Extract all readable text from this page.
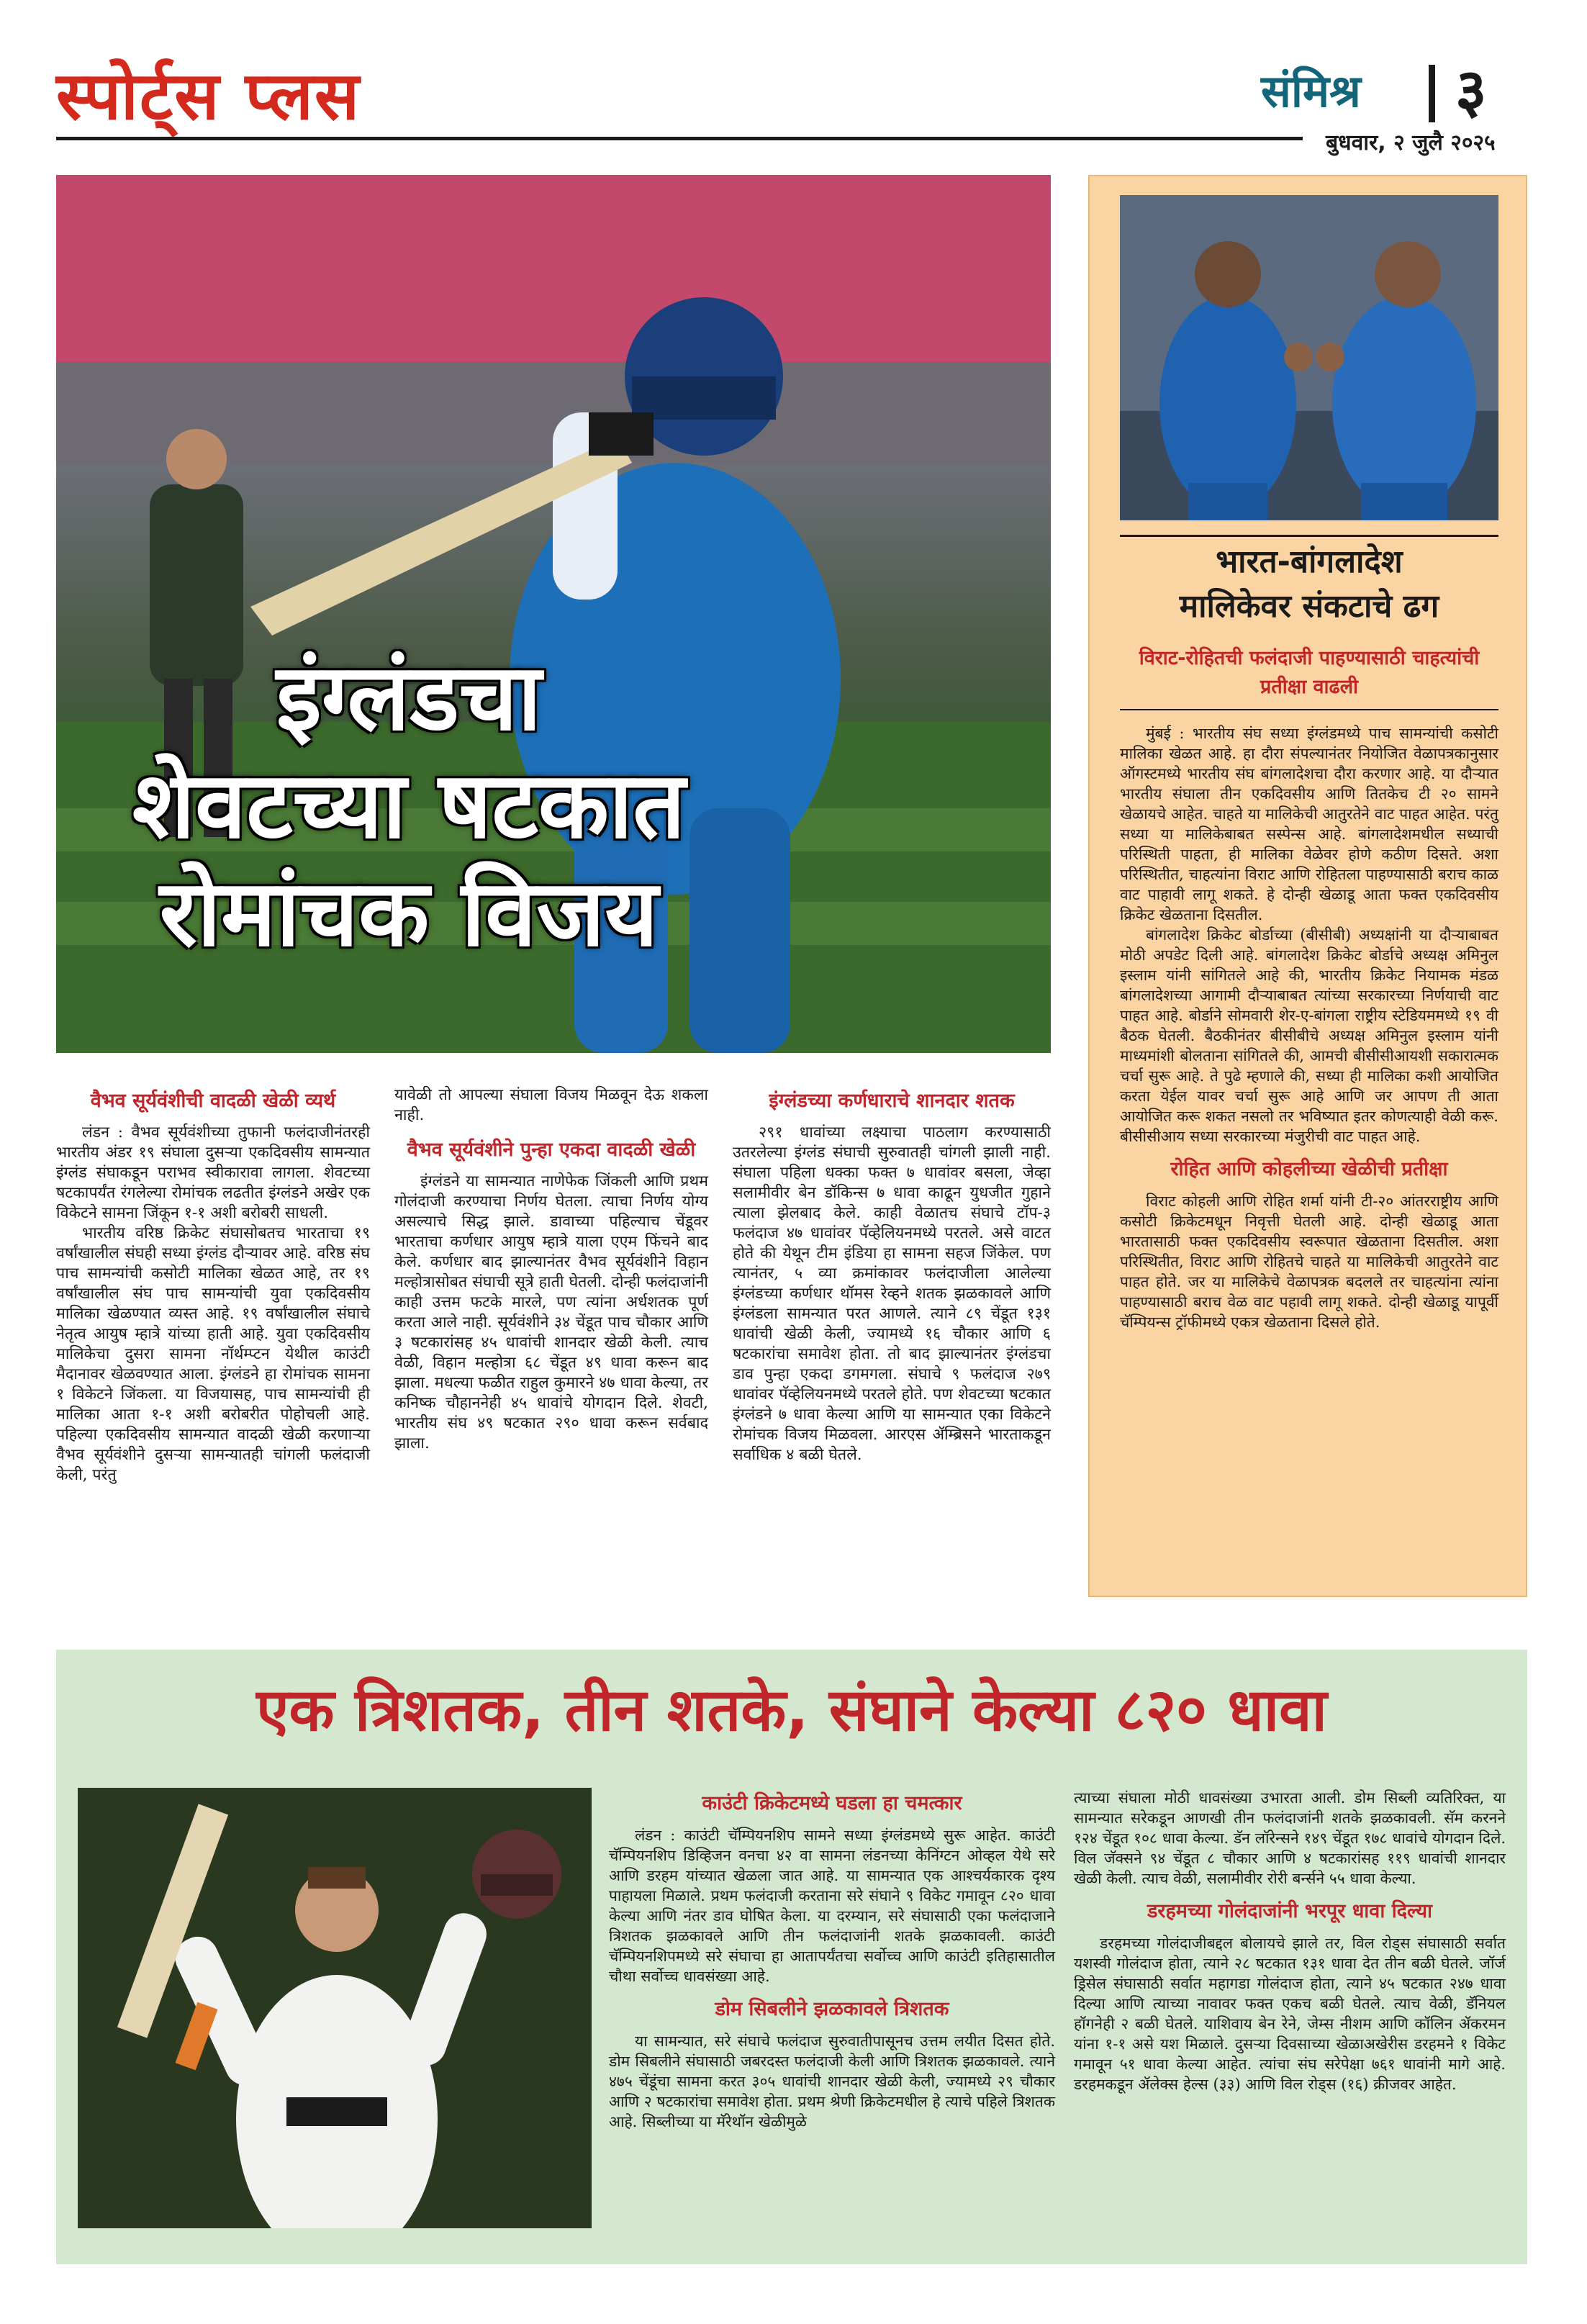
स्पोर्ट्स प्लस	संमिश्र ३
बुधवार, २ जुलै २०२५
इंग्लंडचा
शेवटच्या षटकात
रोमांचक विजय
वैभव सूर्यवंशीची वादळी खेळी व्यर्थ

लंडन : वैभव सूर्यवंशीच्या तुफानी फलंदाजीनंतरही भारतीय अंडर १९ संघाला दुसऱ्या एकदिवसीय सामन्यात इंग्लंड संघाकडून पराभव स्वीकारावा लागला. शेवटच्या षटकापर्यंत रंगलेल्या रोमांचक लढतीत इंग्लंडने अखेर एक विकेटने सामना जिंकून १-१ अशी बरोबरी साधली.

भारतीय वरिष्ठ क्रिकेट संघासोबतच भारताचा १९ वर्षांखालील संघही सध्या इंग्लंड दौऱ्यावर आहे. वरिष्ठ संघ पाच सामन्यांची कसोटी मालिका खेळत आहे, तर १९ वर्षांखालील संघ पाच सामन्यांची युवा एकदिवसीय मालिका खेळण्यात व्यस्त आहे. १९ वर्षांखालील संघाचे नेतृत्व आयुष म्हात्रे यांच्या हाती आहे. युवा एकदिवसीय मालिकेचा दुसरा सामना नॉर्थम्प्टन येथील काउंटी मैदानावर खेळवण्यात आला. इंग्लंडने हा रोमांचक सामना १ विकेटने जिंकला. या विजयासह, पाच सामन्यांची ही मालिका आता १-१ अशी बरोबरीत पोहोचली आहे. पहिल्या एकदिवसीय सामन्यात वादळी खेळी करणाऱ्या वैभव सूर्यवंशीने दुसऱ्या सामन्यातही चांगली फलंदाजी केली, परंतु

यावेळी तो आपल्या संघाला विजय मिळवून देऊ शकला नाही.

वैभव सूर्यवंशीने पुन्हा एकदा वादळी खेळी

इंग्लंडने या सामन्यात नाणेफेक जिंकली आणि प्रथम गोलंदाजी करण्याचा निर्णय घेतला. त्याचा निर्णय योग्य असल्याचे सिद्ध झाले. डावाच्या पहिल्याच चेंडूवर भारताचा कर्णधार आयुष म्हात्रे याला एएम फिंचने बाद केले. कर्णधार बाद झाल्यानंतर वैभव सूर्यवंशीने विहान मल्होत्रासोबत संघाची सूत्रे हाती घेतली. दोन्ही फलंदाजांनी काही उत्तम फटके मारले, पण त्यांना अर्धशतक पूर्ण करता आले नाही. सूर्यवंशीने ३४ चेंडूत पाच चौकार आणि ३ षटकारांसह ४५ धावांची शानदार खेळी केली. त्याच वेळी, विहान मल्होत्रा ६८ चेंडूत ४९ धावा करून बाद झाला. मधल्या फळीत राहुल कुमारने ४७ धावा केल्या, तर कनिष्क चौहाननेही ४५ धावांचे योगदान दिले. शेवटी, भारतीय संघ ४९ षटकात २९० धावा करून सर्वबाद झाला.

इंग्लंडच्या कर्णधाराचे शानदार शतक

२९१ धावांच्या लक्ष्याचा पाठलाग करण्यासाठी उतरलेल्या इंग्लंड संघाची सुरुवातही चांगली झाली नाही. संघाला पहिला धक्का फक्त ७ धावांवर बसला, जेव्हा सलामीवीर बेन डॉकिन्स ७ धावा काढून युधजीत गुहाने त्याला झेलबाद केले. काही वेळातच संघाचे टॉप-३ फलंदाज ४७ धावांवर पॅव्हेलियनमध्ये परतले. असे वाटत होते की येथून टीम इंडिया हा सामना सहज जिंकेल. पण त्यानंतर, ५ व्या क्रमांकावर फलंदाजीला आलेल्या इंग्लंडच्या कर्णधार थॉमस रेव्हने शतक झळकावले आणि इंग्लंडला सामन्यात परत आणले. त्याने ८९ चेंडूत १३१ धावांची खेळी केली, ज्यामध्ये १६ चौकार आणि ६ षटकारांचा समावेश होता. तो बाद झाल्यानंतर इंग्लंडचा डाव पुन्हा एकदा डगमगला. संघाचे ९ फलंदाज २७९ धावांवर पॅव्हेलियनमध्ये परतले होते. पण शेवटच्या षटकात इंग्लंडने ७ धावा केल्या आणि या सामन्यात एका विकेटने रोमांचक विजय मिळवला. आरएस ॲम्ब्रिसने भारताकडून सर्वाधिक ४ बळी घेतले.

भारत-बांगलादेश
मालिकेवर संकटाचे ढग
विराट-रोहितची फलंदाजी पाहण्यासाठी चाहत्यांची प्रतीक्षा वाढली

मुंबई : भारतीय संघ सध्या इंग्लंडमध्ये पाच सामन्यांची कसोटी मालिका खेळत आहे. हा दौरा संपल्यानंतर नियोजित वेळापत्रकानुसार ऑगस्टमध्ये भारतीय संघ बांगलादेशचा दौरा करणार आहे. या दौऱ्यात भारतीय संघाला तीन एकदिवसीय आणि तितकेच टी २० सामने खेळायचे आहेत. चाहते या मालिकेची आतुरतेने वाट पाहत आहेत. परंतु सध्या या मालिकेबाबत सस्पेन्स आहे. बांगलादेशमधील सध्याची परिस्थिती पाहता, ही मालिका वेळेवर होणे कठीण दिसते. अशा परिस्थितीत, चाहत्यांना विराट आणि रोहितला पाहण्यासाठी बराच काळ वाट पाहावी लागू शकते. हे दोन्ही खेळाडू आता फक्त एकदिवसीय क्रिकेट खेळताना दिसतील.

बांगलादेश क्रिकेट बोर्डाच्या (बीसीबी) अध्यक्षांनी या दौऱ्याबाबत मोठी अपडेट दिली आहे. बांगलादेश क्रिकेट बोर्डाचे अध्यक्ष अमिनुल इस्लाम यांनी सांगितले आहे की, भारतीय क्रिकेट नियामक मंडळ बांगलादेशच्या आगामी दौऱ्याबाबत त्यांच्या सरकारच्या निर्णयाची वाट पाहत आहे. बोर्डाने सोमवारी शेर-ए-बांगला राष्ट्रीय स्टेडियममध्ये १९ वी बैठक घेतली. बैठकीनंतर बीसीबीचे अध्यक्ष अमिनुल इस्लाम यांनी माध्यमांशी बोलताना सांगितले की, आमची बीसीसीआयशी सकारात्मक चर्चा सुरू आहे. ते पुढे म्हणाले की, सध्या ही मालिका कशी आयोजित करता येईल यावर चर्चा सुरू आहे आणि जर आपण ती आता आयोजित करू शकत नसलो तर भविष्यात इतर कोणत्याही वेळी करू. बीसीसीआय सध्या सरकारच्या मंजुरीची वाट पाहत आहे.

रोहित आणि कोहलीच्या खेळीची प्रतीक्षा

विराट कोहली आणि रोहित शर्मा यांनी टी-२० आंतरराष्ट्रीय आणि कसोटी क्रिकेटमधून निवृत्ती घेतली आहे. दोन्ही खेळाडू आता भारतासाठी फक्त एकदिवसीय स्वरूपात खेळताना दिसतील. अशा परिस्थितीत, विराट आणि रोहितचे चाहते या मालिकेची आतुरतेने वाट पाहत होते. जर या मालिकेचे वेळापत्रक बदलले तर चाहत्यांना त्यांना पाहण्यासाठी बराच वेळ वाट पहावी लागू शकते. दोन्ही खेळाडू यापूर्वी चॅम्पियन्स ट्रॉफीमध्ये एकत्र खेळताना दिसले होते.

एक त्रिशतक, तीन शतके, संघाने केल्या ८२० धावा
काउंटी क्रिकेटमध्ये घडला हा चमत्कार

लंडन : काउंटी चॅम्पियनशिप सामने सध्या इंग्लंडमध्ये सुरू आहेत. काउंटी चॅम्पियनशिप डिव्हिजन वनचा ४२ वा सामना लंडनच्या केनिंग्टन ओव्हल येथे सरे आणि डरहम यांच्यात खेळला जात आहे. या सामन्यात एक आश्चर्यकारक दृश्य पाहायला मिळाले. प्रथम फलंदाजी करताना सरे संघाने ९ विकेट गमावून ८२० धावा केल्या आणि नंतर डाव घोषित केला. या दरम्यान, सरे संघासाठी एका फलंदाजाने त्रिशतक झळकावले आणि तीन फलंदाजांनी शतके झळकावली. काउंटी चॅम्पियनशिपमध्ये सरे संघाचा हा आतापर्यंतचा सर्वोच्च आणि काउंटी इतिहासातील चौथा सर्वोच्च धावसंख्या आहे.

डोम सिबलीने झळकावले त्रिशतक

या सामन्यात, सरे संघाचे फलंदाज सुरुवातीपासूनच उत्तम लयीत दिसत होते. डोम सिबलीने संघासाठी जबरदस्त फलंदाजी केली आणि त्रिशतक झळकावले. त्याने ४७५ चेंडूंचा सामना करत ३०५ धावांची शानदार खेळी केली, ज्यामध्ये २९ चौकार आणि २ षटकारांचा समावेश होता. प्रथम श्रेणी क्रिकेटमधील हे त्याचे पहिले त्रिशतक आहे. सिब्लीच्या या मॅरेथॉन खेळीमुळे

त्याच्या संघाला मोठी धावसंख्या उभारता आली. डोम सिब्ली व्यतिरिक्त, या सामन्यात सरेकडून आणखी तीन फलंदाजांनी शतके झळकावली. सॅम करनने १२४ चेंडूत १०८ धावा केल्या. डॅन लॉरेन्सने १४९ चेंडूत १७८ धावांचे योगदान दिले. विल जॅक्सने ९४ चेंडूत ८ चौकार आणि ४ षटकारांसह ११९ धावांची शानदार खेळी केली. त्याच वेळी, सलामीवीर रोरी बर्न्सने ५५ धावा केल्या.

डरहमच्या गोलंदाजांनी भरपूर धावा दिल्या

डरहमच्या गोलंदाजीबद्दल बोलायचे झाले तर, विल रोड्स संघासाठी सर्वात यशस्वी गोलंदाज होता, त्याने २८ षटकात १३१ धावा देत तीन बळी घेतले. जॉर्ज ड्रिसेल संघासाठी सर्वात महागडा गोलंदाज होता, त्याने ४५ षटकात २४७ धावा दिल्या आणि त्याच्या नावावर फक्त एकच बळी घेतले. त्याच वेळी, डॅनियल हॉगनेही २ बळी घेतले. याशिवाय बेन रेने, जेम्स नीशम आणि कॉलिन ॲकरमन यांना १-१ असे यश मिळाले. दुसऱ्या दिवसाच्या खेळाअखेरीस डरहमने १ विकेट गमावून ५१ धावा केल्या आहेत. त्यांचा संघ सरेपेक्षा ७६१ धावांनी मागे आहे. डरहमकडून ॲलेक्स हेल्स (३३) आणि विल रोड्स (१६) क्रीजवर आहेत.
